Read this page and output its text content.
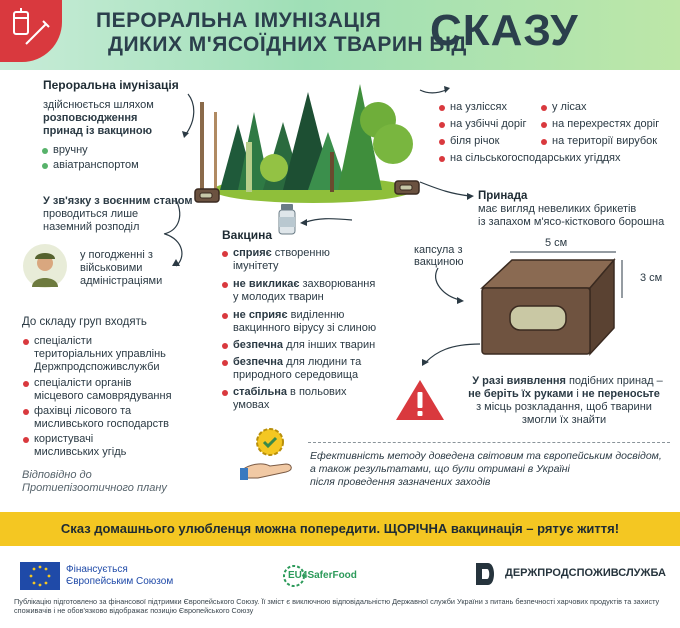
ПЕРОРАЛЬНА ІМУНІЗАЦІЯ
ДИКИХ М'ЯСОЇДНИХ ТВАРИН ВІД
СКАЗУ
Пероральна імунізація
здійснюється шляхом
розповсюдження
принад із вакциною
вручну
авіатранспортом
У зв'язку з воєнним станом
проводиться лише
наземний розподіл
у погодженні з
військовими
адміністраціями
До складу груп входять
спеціалісти
територіальних управлінь
Держпродспоживслужби
спеціалісти органів
місцевого самоврядування
фахівці лісового та
мисливського господарств
користувачі
мисливських угідь
Відповідно до
Протиепізоотичного плану
на узліссях
на узбіччі доріг
біля річок
на сільськогосподарських угіддях
у лісах
на перехрестях доріг
на території вирубок
Принада
має вигляд невеликих брикетів
із запахом м'ясо-кісткового борошна
5 см
3 см
капсула з
вакциною
Вакцина
сприяє створенню
імунітету
не викликає захворювання
у молодих тварин
не сприяє виділенню
вакцинного вірусу зі слиною
безпечна для інших тварин
безпечна для людини та
природного середовища
стабільна в польових
умовах
У разі виявлення подібних принад –
не беріть їх руками і не переносьте
з місць розкладання, щоб тварини
змогли їх знайти
Ефективність методу доведена світовим та європейським досвідом,
а також результатами, що були отримані в Україні
після проведення зазначених заходів
Сказ домашнього улюбленця можна попередити. ЩОРІЧНА вакцинація – рятує життя!
Фінансується
Європейським Союзом
EU4SaferFood	ДЕРЖПРОДСПОЖИВСЛУЖБА
Публікацію підготовлено за фінансової підтримки Європейського Союзу. Її зміст є виключною відповідальністю Державної служби України з питань безпечності харчових продуктів та захисту споживачів і не обов'язково відображає позицію Європейського Союзу
